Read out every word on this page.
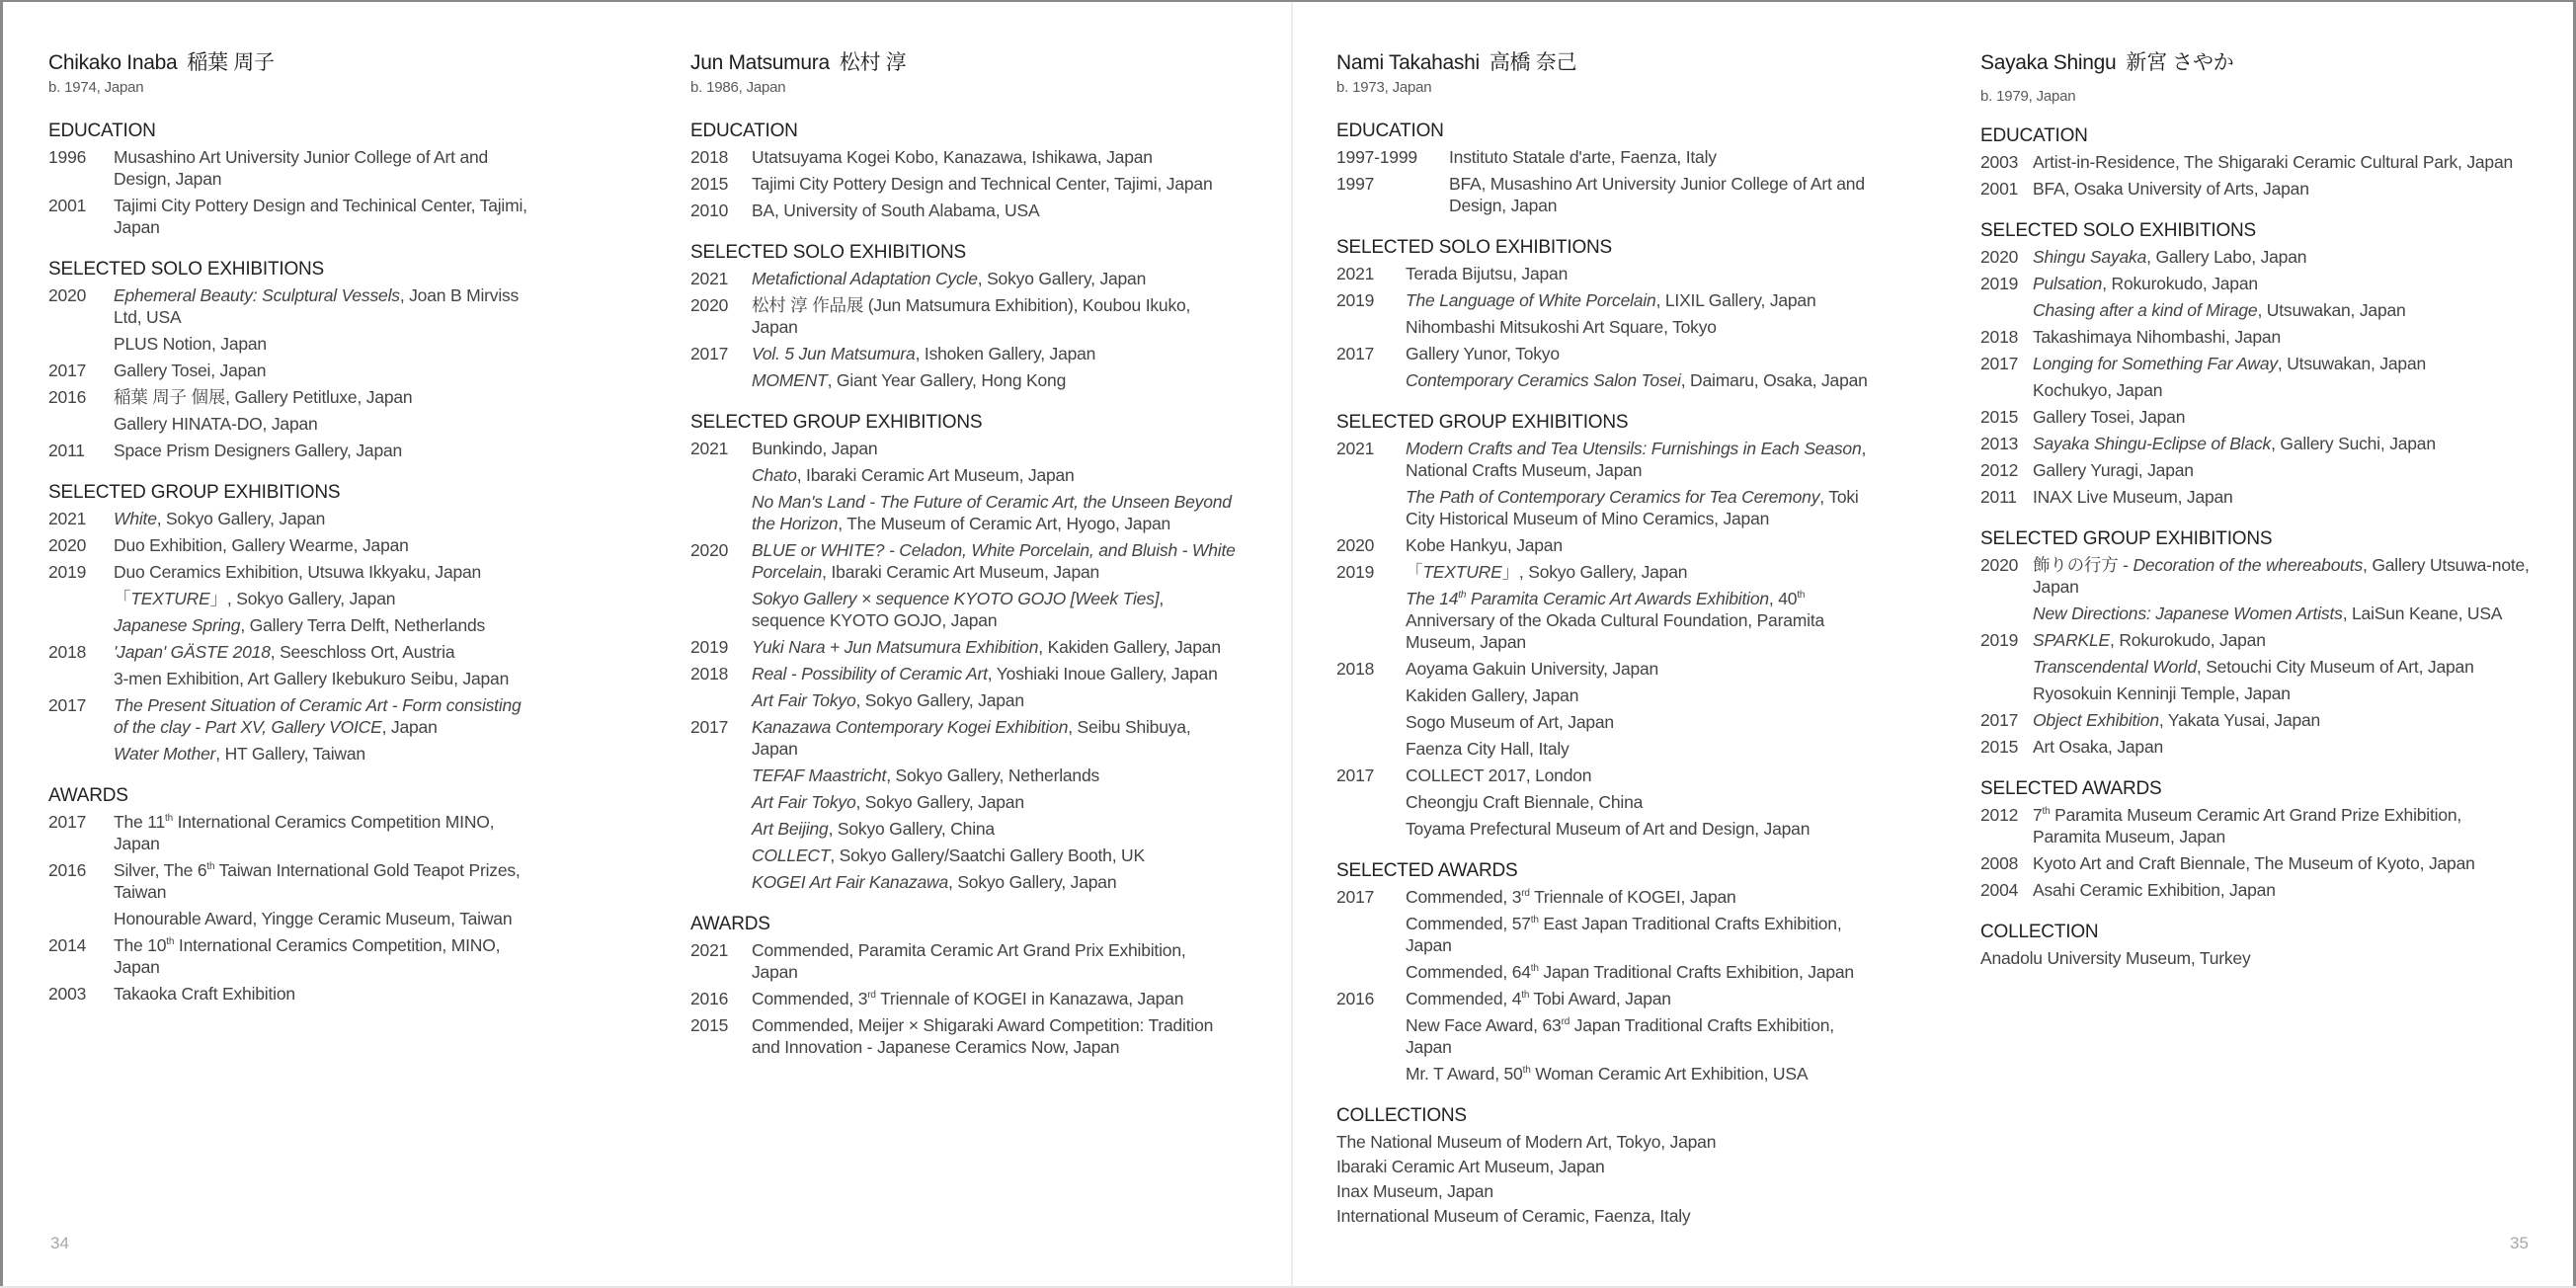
Chikako Inaba 稲葉 周子
b. 1974, Japan
EDUCATION
1996	Musashino Art University Junior College of Art and Design, Japan
2001	Tajimi City Pottery Design and Techinical Center, Tajimi, Japan
SELECTED SOLO EXHIBITIONS
2020	Ephemeral Beauty: Sculptural Vessels, Joan B Mirviss Ltd, USA
PLUS Notion, Japan
2017	Gallery Tosei, Japan
2016	稲葉 周子 個展, Gallery Petitluxe, Japan
Gallery HINATA-DO, Japan
2011	Space Prism Designers Gallery, Japan
SELECTED GROUP EXHIBITIONS
2021	White, Sokyo Gallery, Japan
2020	Duo Exhibition, Gallery Wearme, Japan
2019	Duo Ceramics Exhibition, Utsuwa Ikkyaku, Japan
「TEXTURE」, Sokyo Gallery, Japan
Japanese Spring, Gallery Terra Delft, Netherlands
2018	'Japan' GÄSTE 2018, Seeschloss Ort, Austria
3-men Exhibition, Art Gallery Ikebukuro Seibu, Japan
2017	The Present Situation of Ceramic Art - Form consisting of the clay - Part XV, Gallery VOICE, Japan
Water Mother, HT Gallery, Taiwan
AWARDS
2017	The 11th International Ceramics Competition MINO, Japan
2016	Silver, The 6th Taiwan International Gold Teapot Prizes, Taiwan
Honourable Award, Yingge Ceramic Museum, Taiwan
2014	The 10th International Ceramics Competition, MINO, Japan
2003	Takaoka Craft Exhibition
Jun Matsumura 松村 淳
b. 1986, Japan
EDUCATION
2018	Utatsuyama Kogei Kobo, Kanazawa, Ishikawa, Japan
2015	Tajimi City Pottery Design and Technical Center, Tajimi, Japan
2010	BA, University of South Alabama, USA
SELECTED SOLO EXHIBITIONS
2021	Metafictional Adaptation Cycle, Sokyo Gallery, Japan
2020	松村 淳 作品展 (Jun Matsumura Exhibition), Koubou Ikuko, Japan
2017	Vol. 5 Jun Matsumura, Ishoken Gallery, Japan
MOMENT, Giant Year Gallery, Hong Kong
SELECTED GROUP EXHIBITIONS
2021	Bunkindo, Japan
Chato, Ibaraki Ceramic Art Museum, Japan
No Man's Land - The Future of Ceramic Art, the Unseen Beyond the Horizon, The Museum of Ceramic Art, Hyogo, Japan
2020	BLUE or WHITE? - Celadon, White Porcelain, and Bluish - White Porcelain, Ibaraki Ceramic Art Museum, Japan
Sokyo Gallery × sequence KYOTO GOJO [Week Ties], sequence KYOTO GOJO, Japan
2019	Yuki Nara + Jun Matsumura Exhibition, Kakiden Gallery, Japan
2018	Real - Possibility of Ceramic Art, Yoshiaki Inoue Gallery, Japan
Art Fair Tokyo, Sokyo Gallery, Japan
2017	Kanazawa Contemporary Kogei Exhibition, Seibu Shibuya, Japan
TEFAF Maastricht, Sokyo Gallery, Netherlands
Art Fair Tokyo, Sokyo Gallery, Japan
Art Beijing, Sokyo Gallery, China
COLLECT, Sokyo Gallery/Saatchi Gallery Booth, UK
KOGEI Art Fair Kanazawa, Sokyo Gallery, Japan
AWARDS
2021	Commended, Paramita Ceramic Art Grand Prix Exhibition, Japan
2016	Commended, 3rd Triennale of KOGEI in Kanazawa, Japan
2015	Commended, Meijer × Shigaraki Award Competition: Tradition and Innovation - Japanese Ceramics Now, Japan
Nami Takahashi 高橋 奈己
b. 1973, Japan
EDUCATION
1997-1999	Instituto Statale d'arte, Faenza, Italy
1997	BFA, Musashino Art University Junior College of Art and Design, Japan
SELECTED SOLO EXHIBITIONS
2021	Terada Bijutsu, Japan
2019	The Language of White Porcelain, LIXIL Gallery, Japan
Nihombashi Mitsukoshi Art Square, Tokyo
2017	Gallery Yunor, Tokyo
Contemporary Ceramics Salon Tosei, Daimaru, Osaka, Japan
SELECTED GROUP EXHIBITIONS
2021	Modern Crafts and Tea Utensils: Furnishings in Each Season, National Crafts Museum, Japan
The Path of Contemporary Ceramics for Tea Ceremony, Toki City Historical Museum of Mino Ceramics, Japan
2020	Kobe Hankyu, Japan
2019	「TEXTURE」, Sokyo Gallery, Japan
The 14th Paramita Ceramic Art Awards Exhibition, 40th Anniversary of the Okada Cultural Foundation, Paramita Museum, Japan
2018	Aoyama Gakuin University, Japan
Kakiden Gallery, Japan
Sogo Museum of Art, Japan
Faenza City Hall, Italy
2017	COLLECT 2017, London
Cheongju Craft Biennale, China
Toyama Prefectural Museum of Art and Design, Japan
SELECTED AWARDS
2017	Commended, 3rd Triennale of KOGEI, Japan
Commended, 57th East Japan Traditional Crafts Exhibition, Japan
Commended, 64th Japan Traditional Crafts Exhibition, Japan
2016	Commended, 4th Tobi Award, Japan
New Face Award, 63rd Japan Traditional Crafts Exhibition, Japan
Mr. T Award, 50th Woman Ceramic Art Exhibition, USA
COLLECTIONS
The National Museum of Modern Art, Tokyo, Japan
Ibaraki Ceramic Art Museum, Japan
Inax Museum, Japan
International Museum of Ceramic, Faenza, Italy
Sayaka Shingu 新宮 さやか
b. 1979, Japan
EDUCATION
2003 Artist-in-Residence, The Shigaraki Ceramic Cultural Park, Japan
2001 BFA, Osaka University of Arts, Japan
SELECTED SOLO EXHIBITIONS
2020 Shingu Sayaka, Gallery Labo, Japan
2019 Pulsation, Rokurokudo, Japan
Chasing after a kind of Mirage, Utsuwakan, Japan
2018 Takashimaya Nihombashi, Japan
2017 Longing for Something Far Away, Utsuwakan, Japan
Kochukyo, Japan
2015 Gallery Tosei, Japan
2013 Sayaka Shingu-Eclipse of Black, Gallery Suchi, Japan
2012 Gallery Yuragi, Japan
2011 INAX Live Museum, Japan
SELECTED GROUP EXHIBITIONS
2020 飾りの行方 - Decoration of the whereabouts, Gallery Utsuwa-note, Japan
New Directions: Japanese Women Artists, LaiSun Keane, USA
2019 SPARKLE, Rokurokudo, Japan
Transcendental World, Setouchi City Museum of Art, Japan
Ryosokuin Kenninji Temple, Japan
2017 Object Exhibition, Yakata Yusai, Japan
2015 Art Osaka, Japan
SELECTED AWARDS
2012 7th Paramita Museum Ceramic Art Grand Prize Exhibition, Paramita Museum, Japan
2008 Kyoto Art and Craft Biennale, The Museum of Kyoto, Japan
2004 Asahi Ceramic Exhibition, Japan
COLLECTION
Anadolu University Museum, Turkey
34	35
